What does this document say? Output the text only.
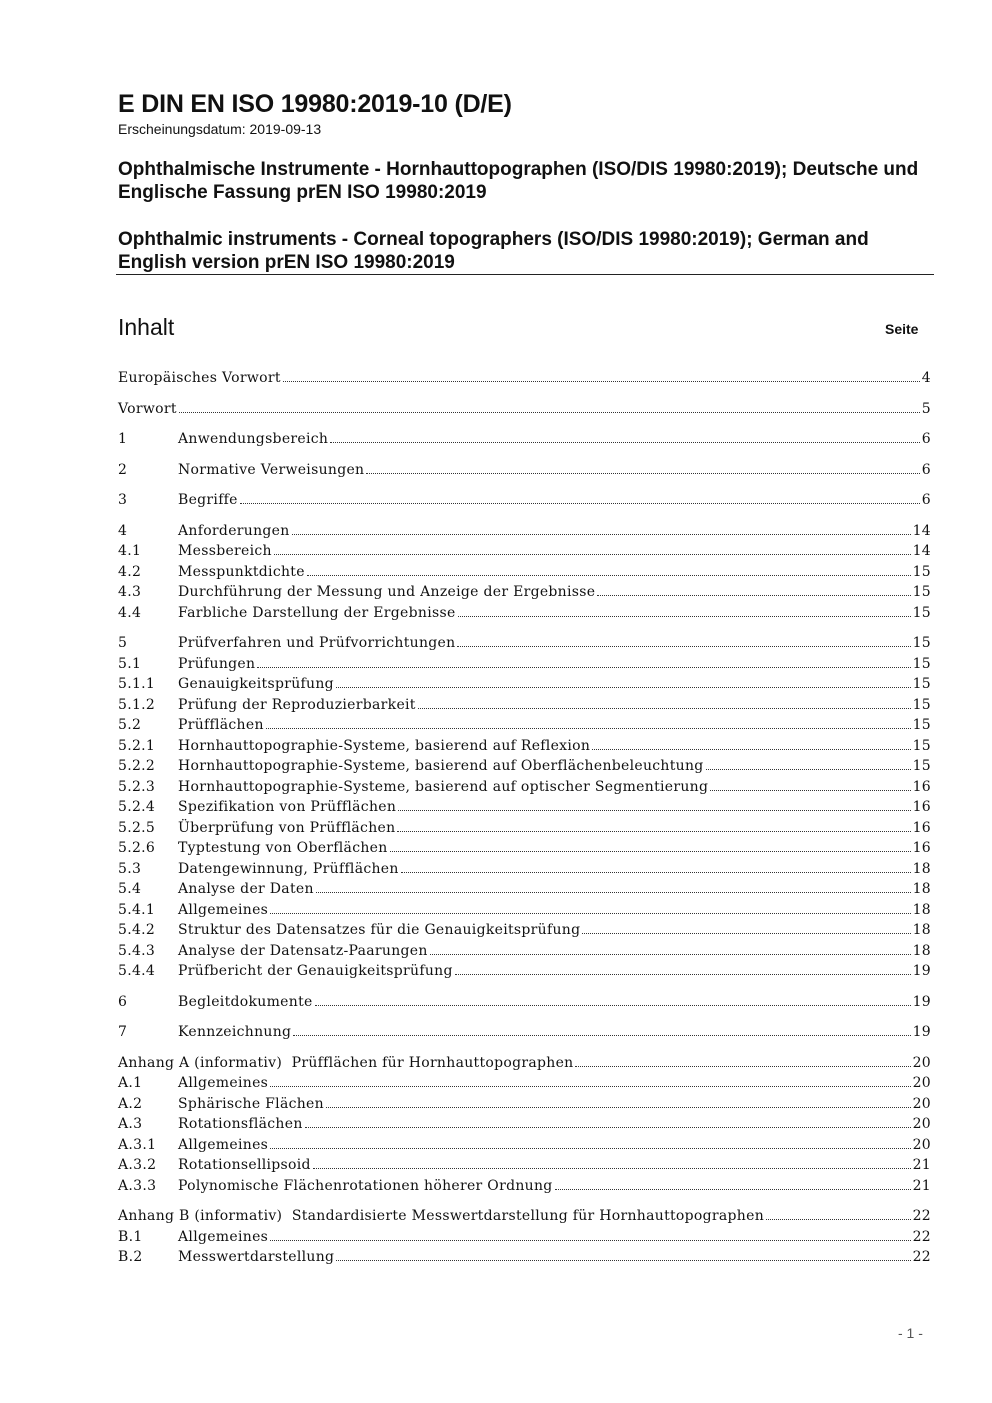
E DIN EN ISO 19980:2019-10 (D/E)
Erscheinungsdatum: 2019-09-13
Ophthalmische Instrumente - Hornhauttopographen (ISO/DIS 19980:2019); Deutsche und Englische Fassung prEN ISO 19980:2019
Ophthalmic instruments - Corneal topographers (ISO/DIS 19980:2019); German and English version prEN ISO 19980:2019
Inhalt	Seite
Europäisches Vorwort	4
Vorwort	5
1	Anwendungsbereich	6
2	Normative Verweisungen	6
3	Begriffe	6
4	Anforderungen	14
4.1	Messbereich	14
4.2	Messpunktdichte	15
4.3	Durchführung der Messung und Anzeige der Ergebnisse	15
4.4	Farbliche Darstellung der Ergebnisse	15
5	Prüfverfahren und Prüfvorrichtungen	15
5.1	Prüfungen	15
5.1.1	Genauigkeitsprüfung	15
5.1.2	Prüfung der Reproduzierbarkeit	15
5.2	Prüfflächen	15
5.2.1	Hornhauttopographie-Systeme, basierend auf Reflexion	15
5.2.2	Hornhauttopographie-Systeme, basierend auf Oberflächenbeleuchtung	15
5.2.3	Hornhauttopographie-Systeme, basierend auf optischer Segmentierung	16
5.2.4	Spezifikation von Prüfflächen	16
5.2.5	Überprüfung von Prüfflächen	16
5.2.6	Typtestung von Oberflächen	16
5.3	Datengewinnung, Prüfflächen	18
5.4	Analyse der Daten	18
5.4.1	Allgemeines	18
5.4.2	Struktur des Datensatzes für die Genauigkeitsprüfung	18
5.4.3	Analyse der Datensatz-Paarungen	18
5.4.4	Prüfbericht der Genauigkeitsprüfung	19
6	Begleitdokumente	19
7	Kennzeichnung	19
Anhang A (informativ)  Prüfflächen für Hornhauttopographen	20
A.1	Allgemeines	20
A.2	Sphärische Flächen	20
A.3	Rotationsflächen	20
A.3.1	Allgemeines	20
A.3.2	Rotationsellipsoid	21
A.3.3	Polynomische Flächenrotationen höherer Ordnung	21
Anhang B (informativ)  Standardisierte Messwertdarstellung für Hornhauttopographen	22
B.1	Allgemeines	22
B.2	Messwertdarstellung	22
- 1 -
